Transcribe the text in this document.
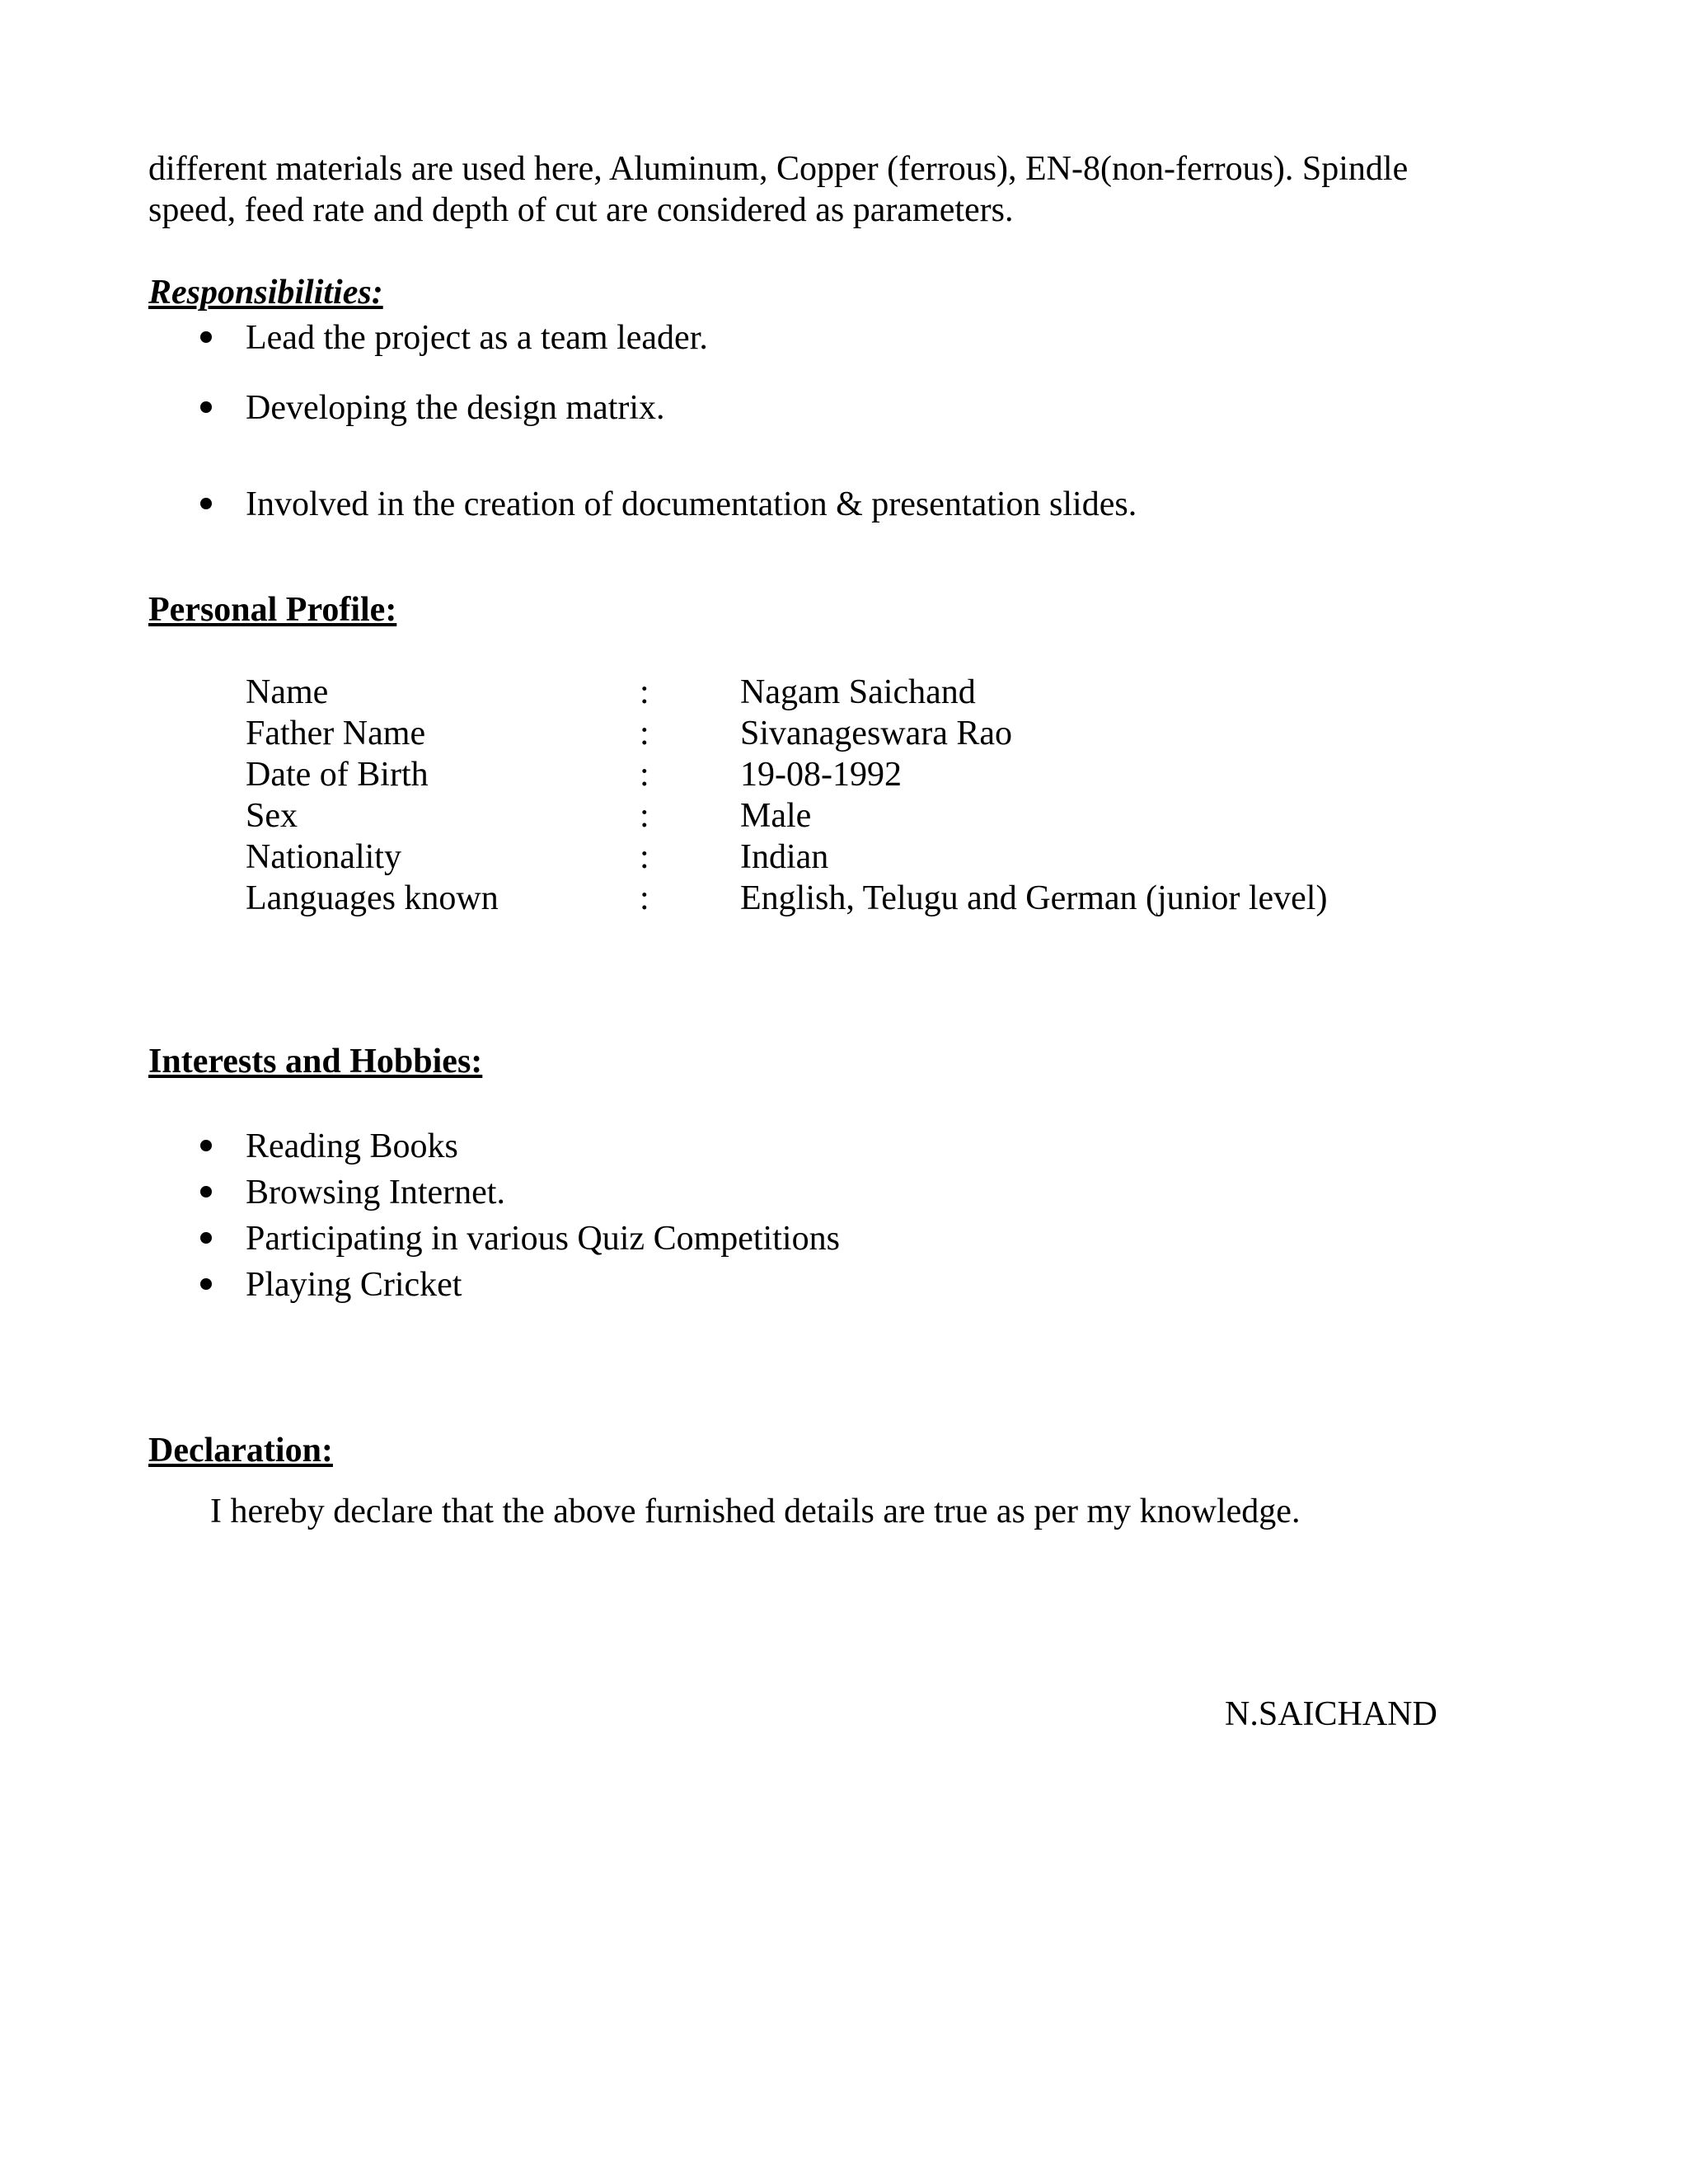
different materials are used here, Aluminum, Copper (ferrous), EN-8(non-ferrous). Spindle
speed, feed rate and depth of cut are considered as parameters.
Responsibilities:
Lead the project as a team leader.
Developing the design matrix.
Involved in the creation of documentation & presentation slides.
Personal Profile:
Name	:	Nagam Saichand
Father Name	:	Sivanageswara Rao
Date of Birth	:	19-08-1992
Sex	:	Male
Nationality	:	Indian
Languages known	:	English, Telugu and German (junior level)
Interests and Hobbies:
Reading Books
Browsing Internet.
Participating in various Quiz Competitions
Playing Cricket
Declaration:
I hereby declare that the above furnished details are true as per my knowledge.
N.SAICHAND
